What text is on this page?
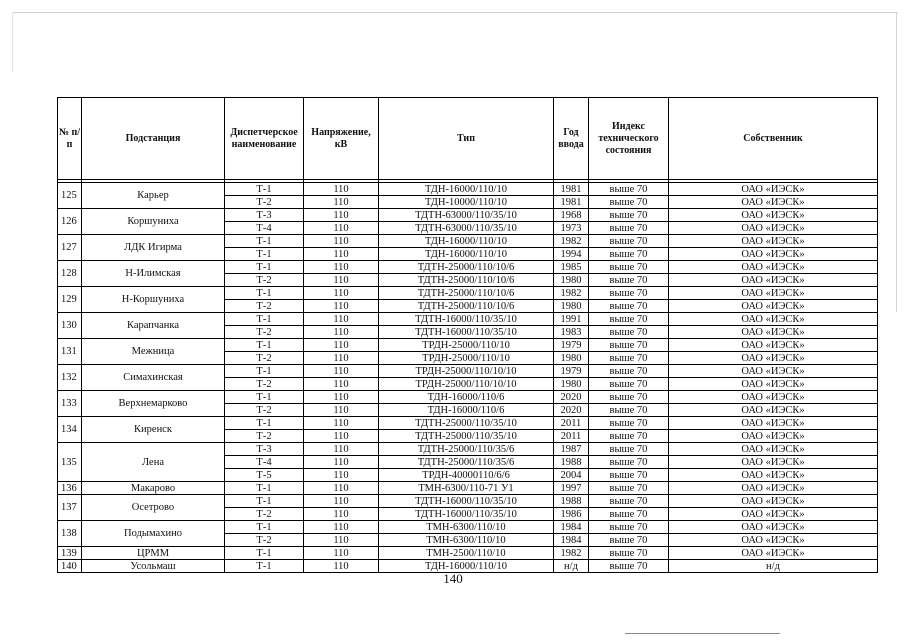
№ п/п	Подстанция	Диспетчерское наименование	Напряжение, кВ	Тип	Год ввода	Индекс технического состояния	Собственник

125	Карьер	Т-1	110	ТДН-16000/110/10	1981	выше 70	ОАО «ИЭСК»
		Т-2	110	ТДН-10000/110/10	1981	выше 70	ОАО «ИЭСК»
126	Коршуниха	Т-3	110	ТДТН-63000/110/35/10	1968	выше 70	ОАО «ИЭСК»
		Т-4	110	ТДТН-63000/110/35/10	1973	выше 70	ОАО «ИЭСК»
127	ЛДК Игирма	Т-1	110	ТДН-16000/110/10	1982	выше 70	ОАО «ИЭСК»
		Т-1	110	ТДН-16000/110/10	1994	выше 70	ОАО «ИЭСК»
128	Н-Илимская	Т-1	110	ТДТН-25000/110/10/6	1985	выше 70	ОАО «ИЭСК»
		Т-2	110	ТДТН-25000/110/10/6	1980	выше 70	ОАО «ИЭСК»
129	Н-Коршуниха	Т-1	110	ТДТН-25000/110/10/6	1982	выше 70	ОАО «ИЭСК»
		Т-2	110	ТДТН-25000/110/10/6	1980	выше 70	ОАО «ИЭСК»
130	Карапчанка	Т-1	110	ТДТН-16000/110/35/10	1991	выше 70	ОАО «ИЭСК»
		Т-2	110	ТДТН-16000/110/35/10	1983	выше 70	ОАО «ИЭСК»
131	Межница	Т-1	110	ТРДН-25000/110/10	1979	выше 70	ОАО «ИЭСК»
		Т-2	110	ТРДН-25000/110/10	1980	выше 70	ОАО «ИЭСК»
132	Симахинская	Т-1	110	ТРДН-25000/110/10/10	1979	выше 70	ОАО «ИЭСК»
		Т-2	110	ТРДН-25000/110/10/10	1980	выше 70	ОАО «ИЭСК»
133	Верхнемарково	Т-1	110	ТДН-16000/110/6	2020	выше 70	ОАО «ИЭСК»
		Т-2	110	ТДН-16000/110/6	2020	выше 70	ОАО «ИЭСК»
134	Киренск	Т-1	110	ТДТН-25000/110/35/10	2011	выше 70	ОАО «ИЭСК»
		Т-2	110	ТДТН-25000/110/35/10	2011	выше 70	ОАО «ИЭСК»
135	Лена	Т-3	110	ТДТН-25000/110/35/6	1987	выше 70	ОАО «ИЭСК»
		Т-4	110	ТДТН-25000/110/35/6	1988	выше 70	ОАО «ИЭСК»
		Т-5	110	ТРДН-40000110/6/6	2004	выше 70	ОАО «ИЭСК»
136	Макарово	Т-1	110	ТМН-6300/110-71 У1	1997	выше 70	ОАО «ИЭСК»
137	Осетрово	Т-1	110	ТДТН-16000/110/35/10	1988	выше 70	ОАО «ИЭСК»
		Т-2	110	ТДТН-16000/110/35/10	1986	выше 70	ОАО «ИЭСК»
138	Подымахино	Т-1	110	ТМН-6300/110/10	1984	выше 70	ОАО «ИЭСК»
		Т-2	110	ТМН-6300/110/10	1984	выше 70	ОАО «ИЭСК»
139	ЦРММ	Т-1	110	ТМН-2500/110/10	1982	выше 70	ОАО «ИЭСК»
140	Усольмаш	Т-1	110	ТДН-16000/110/10	н/д	выше 70	н/д
140
